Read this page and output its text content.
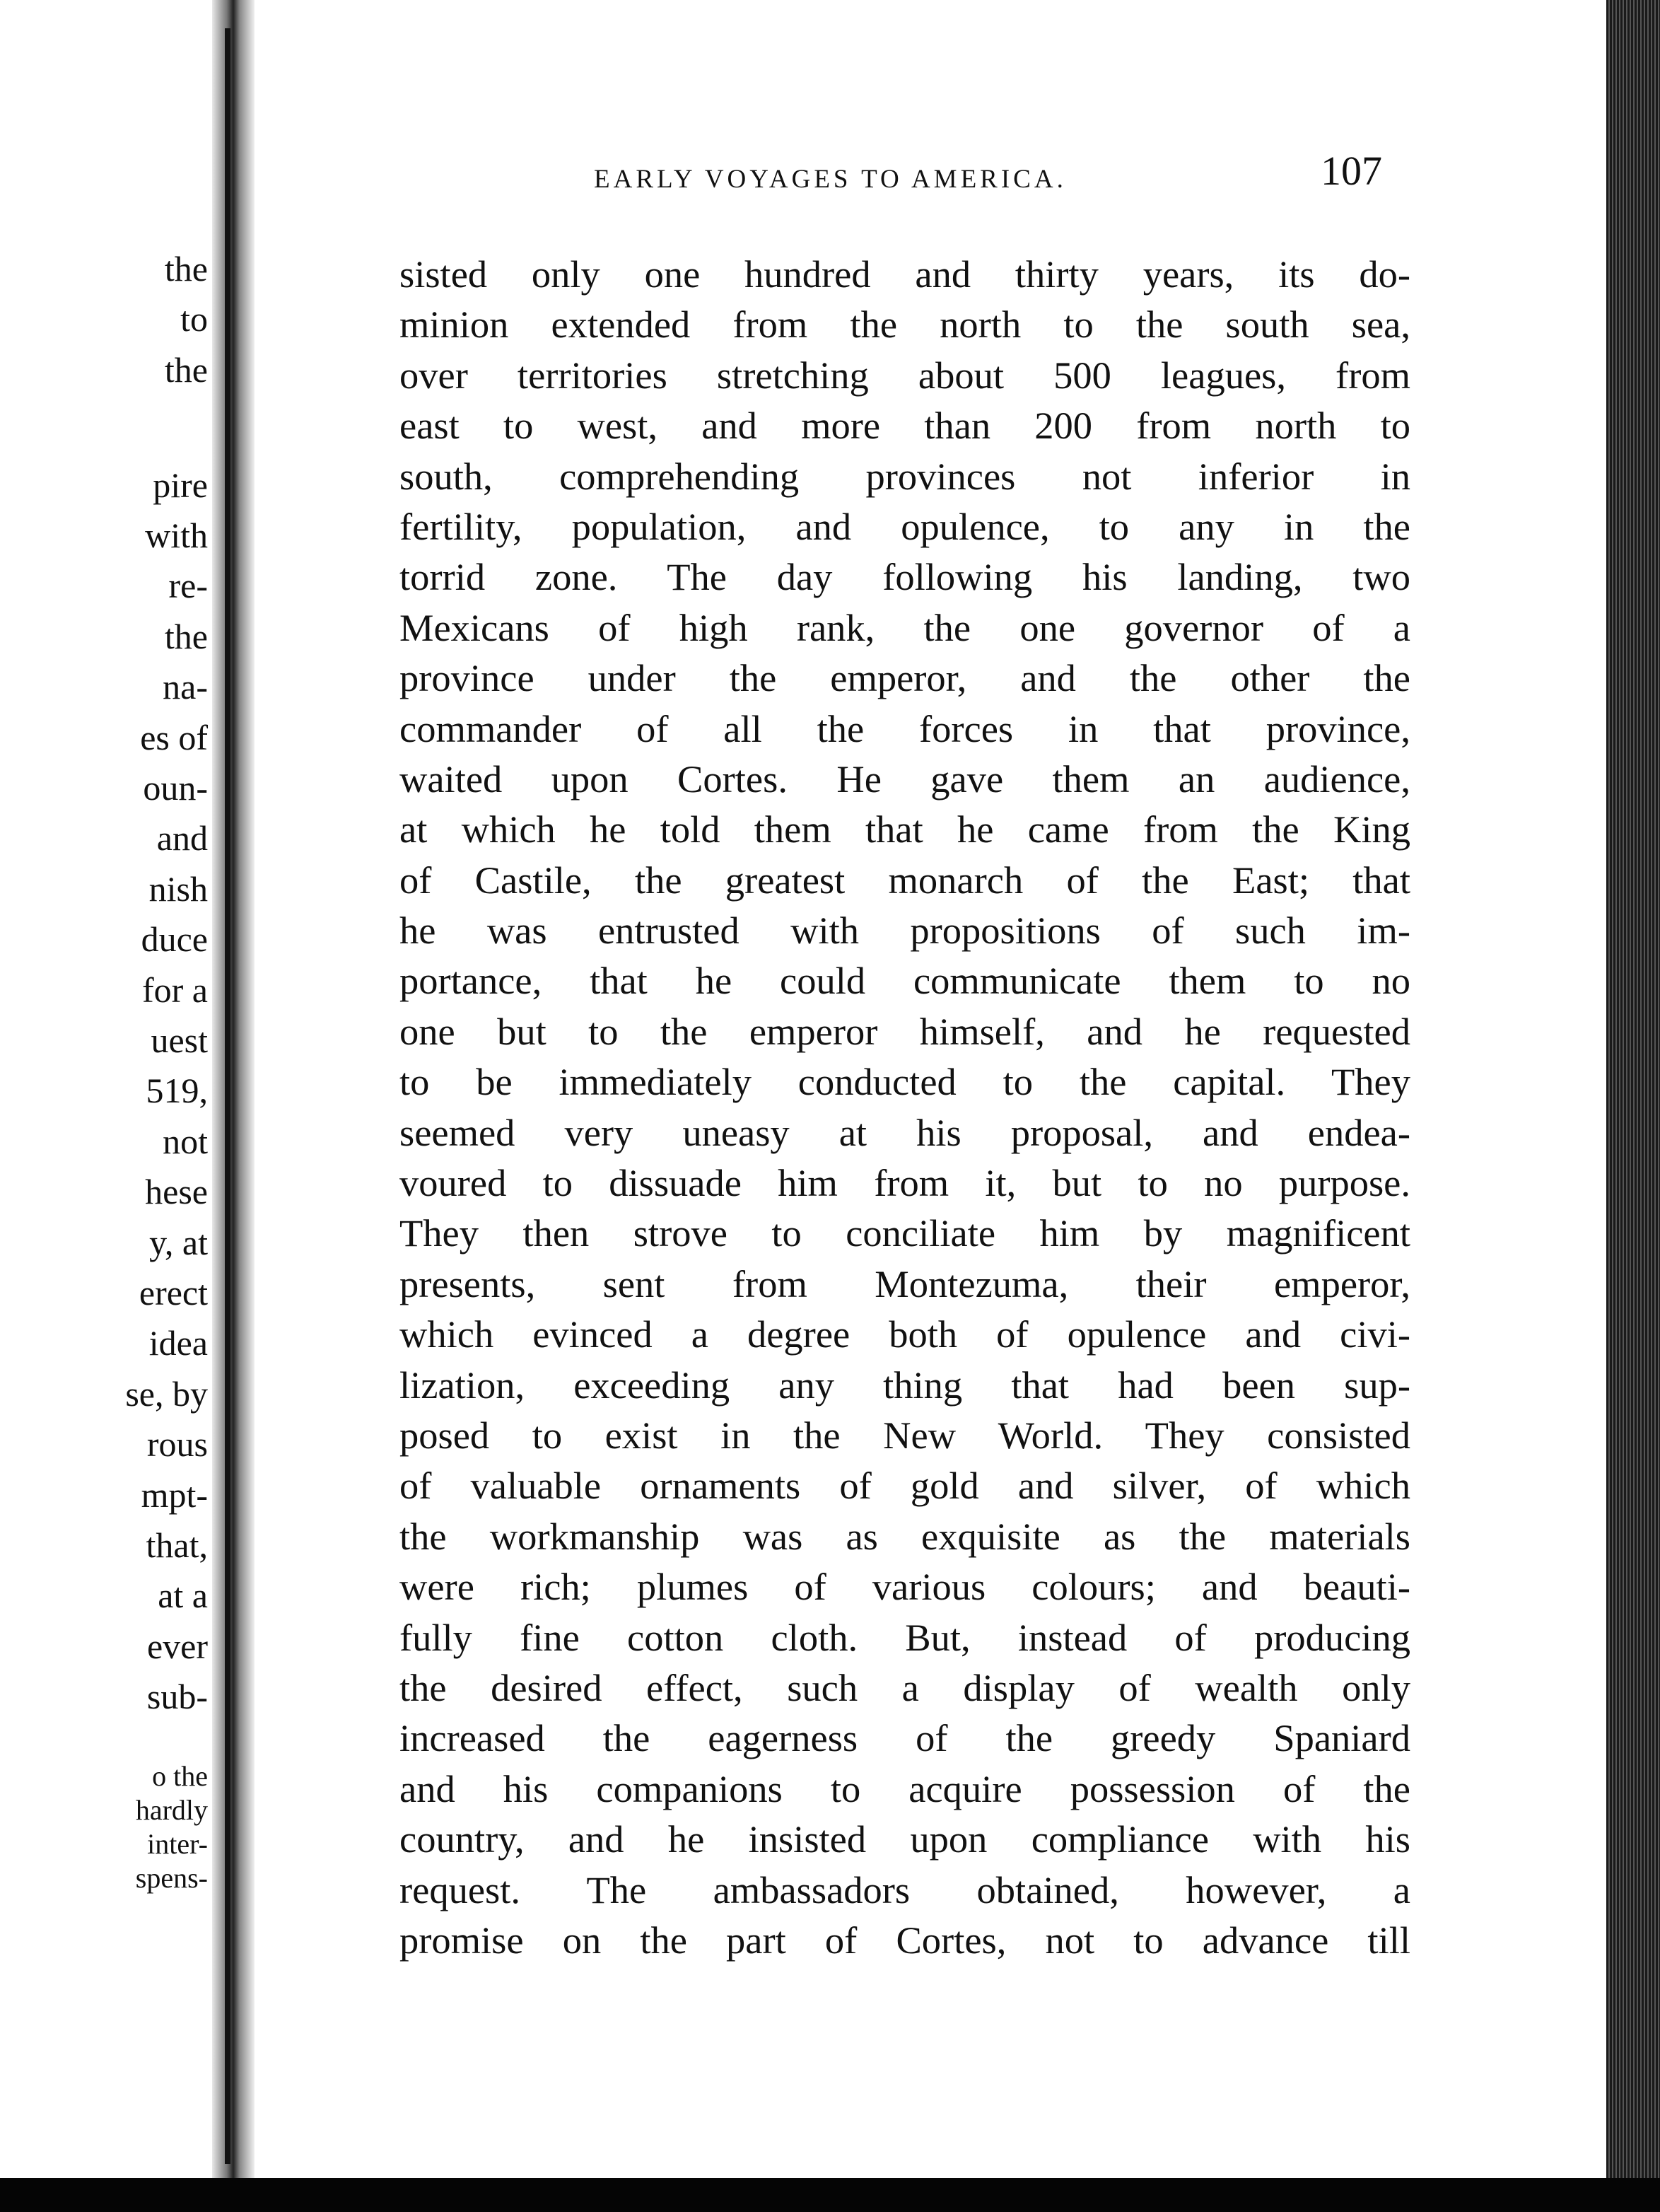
the
to
the
pire
with
re-
the
na-
es of
oun-
and
nish
duce
for a
uest
519,
not
hese
y, at
erect
idea
se, by
rous
mpt-
that,
at a
ever
sub-
o the
hardly
inter-
spens-
EARLY VOYAGES TO AMERICA.	107
sisted only one hundred and thirty years, its do-
minion extended from the north to the south sea,
over territories stretching about 500 leagues, from
east to west, and more than 200 from north to
south, comprehending provinces not inferior in
fertility, population, and opulence, to any in the
torrid zone. The day following his landing, two
Mexicans of high rank, the one governor of a
province under the emperor, and the other the
commander of all the forces in that province,
waited upon Cortes. He gave them an audience,
at which he told them that he came from the King
of Castile, the greatest monarch of the East; that
he was entrusted with propositions of such im-
portance, that he could communicate them to no
one but to the emperor himself, and he requested
to be immediately conducted to the capital. They
seemed very uneasy at his proposal, and endea-
voured to dissuade him from it, but to no purpose.
They then strove to conciliate him by magnificent
presents, sent from Montezuma, their emperor,
which evinced a degree both of opulence and civi-
lization, exceeding any thing that had been sup-
posed to exist in the New World. They consisted
of valuable ornaments of gold and silver, of which
the workmanship was as exquisite as the materials
were rich; plumes of various colours; and beauti-
fully fine cotton cloth. But, instead of producing
the desired effect, such a display of wealth only
increased the eagerness of the greedy Spaniard
and his companions to acquire possession of the
country, and he insisted upon compliance with his
request. The ambassadors obtained, however, a
promise on the part of Cortes, not to advance till
